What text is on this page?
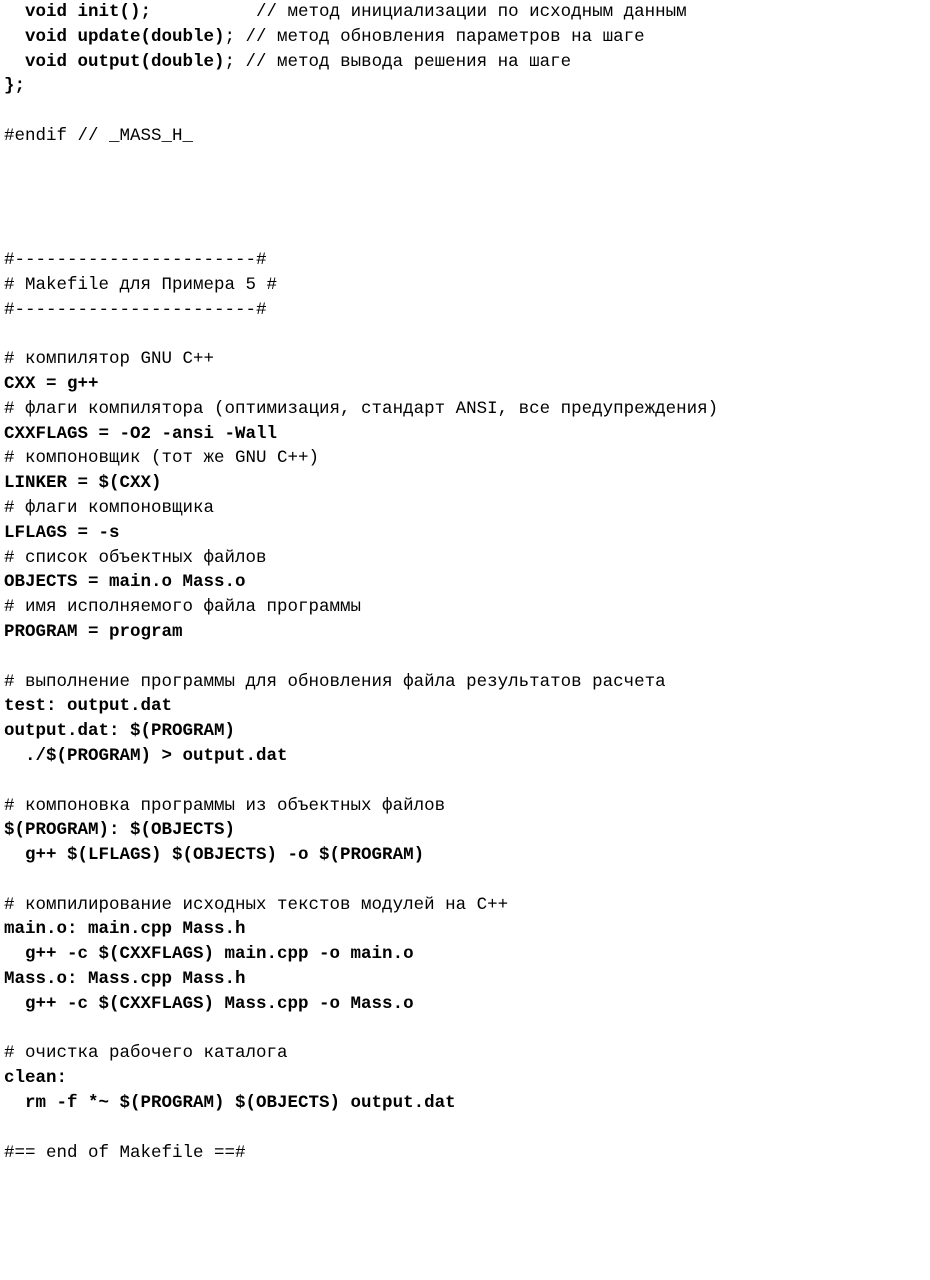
void init();          // метод инициализации по исходным данным
void update(double); // метод обновления параметров на шаге
void output(double); // метод вывода решения на шаге
};
#endif // _MASS_H_
#-----------------------#
# Makefile для Примера 5 #
#-----------------------#
# компилятор GNU C++
CXX = g++
# флаги компилятора (оптимизация, стандарт ANSI, все предупреждения)
CXXFLAGS = -O2 -ansi -Wall
# компоновщик (тот же GNU C++)
LINKER = $(CXX)
# флаги компоновщика
LFLAGS = -s
# список объектных файлов
OBJECTS = main.o Mass.o
# имя исполняемого файла программы
PROGRAM = program
# выполнение программы для обновления файла результатов расчета
test: output.dat
output.dat: $(PROGRAM)
./$(PROGRAM) > output.dat
# компоновка программы из объектных файлов
$(PROGRAM): $(OBJECTS)
g++ $(LFLAGS) $(OBJECTS) -o $(PROGRAM)
# компилирование исходных текстов модулей на C++
main.o: main.cpp Mass.h
g++ -c $(CXXFLAGS) main.cpp -o main.o
Mass.o: Mass.cpp Mass.h
g++ -c $(CXXFLAGS) Mass.cpp -o Mass.o
# очистка рабочего каталога
clean:
rm -f *~ $(PROGRAM) $(OBJECTS) output.dat
#== end of Makefile ==#
